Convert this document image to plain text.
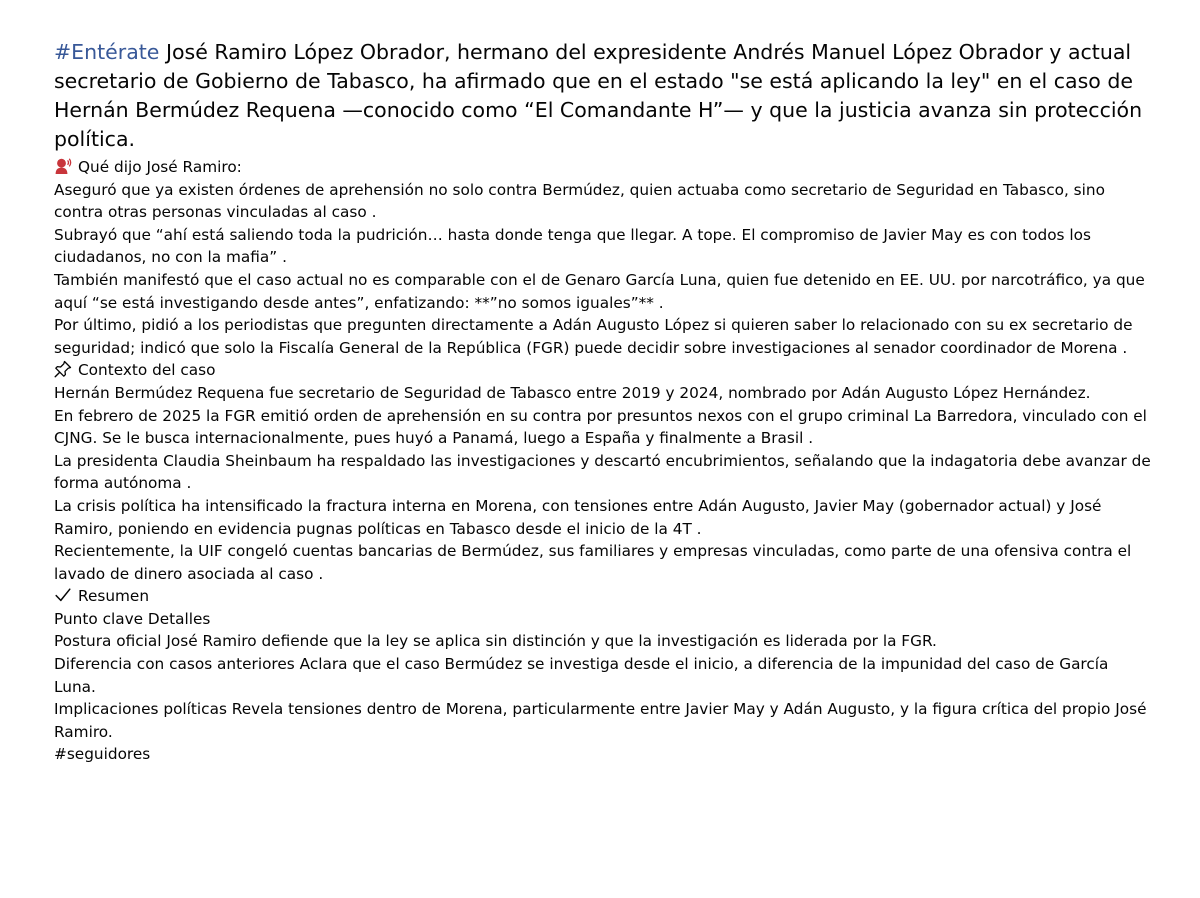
#Entérate José Ramiro López Obrador, hermano del expresidente Andrés Manuel López Obrador y actual secretario de Gobierno de Tabasco, ha afirmado que en el estado "se está aplicando la ley" en el caso de Hernán Bermúdez Requena —conocido como “El Comandante H”— y que la justicia avanza sin protección política.

Qué dijo José Ramiro:

Aseguró que ya existen órdenes de aprehensión no solo contra Bermúdez, quien actuaba como secretario de Seguridad en Tabasco, sino contra otras personas vinculadas al caso .

Subrayó que “ahí está saliendo toda la pudrición… hasta donde tenga que llegar. A tope. El compromiso de Javier May es con todos los ciudadanos, no con la mafia” .

También manifestó que el caso actual no es comparable con el de Genaro García Luna, quien fue detenido en EE. UU. por narcotráfico, ya que aquí “se está investigando desde antes”, enfatizando: **”no somos iguales”** .

Por último, pidió a los periodistas que pregunten directamente a Adán Augusto López si quieren saber lo relacionado con su ex secretario de seguridad; indicó que solo la Fiscalía General de la República (FGR) puede decidir sobre investigaciones al senador coordinador de Morena .

Contexto del caso

Hernán Bermúdez Requena fue secretario de Seguridad de Tabasco entre 2019 y 2024, nombrado por Adán Augusto López Hernández.

En febrero de 2025 la FGR emitió orden de aprehensión en su contra por presuntos nexos con el grupo criminal La Barredora, vinculado con el CJNG. Se le busca internacionalmente, pues huyó a Panamá, luego a España y finalmente a Brasil .

La presidenta Claudia Sheinbaum ha respaldado las investigaciones y descartó encubrimientos, señalando que la indagatoria debe avanzar de forma autónoma .

La crisis política ha intensificado la fractura interna en Morena, con tensiones entre Adán Augusto, Javier May (gobernador actual) y José Ramiro, poniendo en evidencia pugnas políticas en Tabasco desde el inicio de la 4T .

Recientemente, la UIF congeló cuentas bancarias de Bermúdez, sus familiares y empresas vinculadas, como parte de una ofensiva contra el lavado de dinero asociada al caso .

Resumen

Punto clave Detalles

Postura oficial José Ramiro defiende que la ley se aplica sin distinción y que la investigación es liderada por la FGR.

Diferencia con casos anteriores Aclara que el caso Bermúdez se investiga desde el inicio, a diferencia de la impunidad del caso de García Luna.

Implicaciones políticas Revela tensiones dentro de Morena, particularmente entre Javier May y Adán Augusto, y la figura crítica del propio José Ramiro.

#seguidores
